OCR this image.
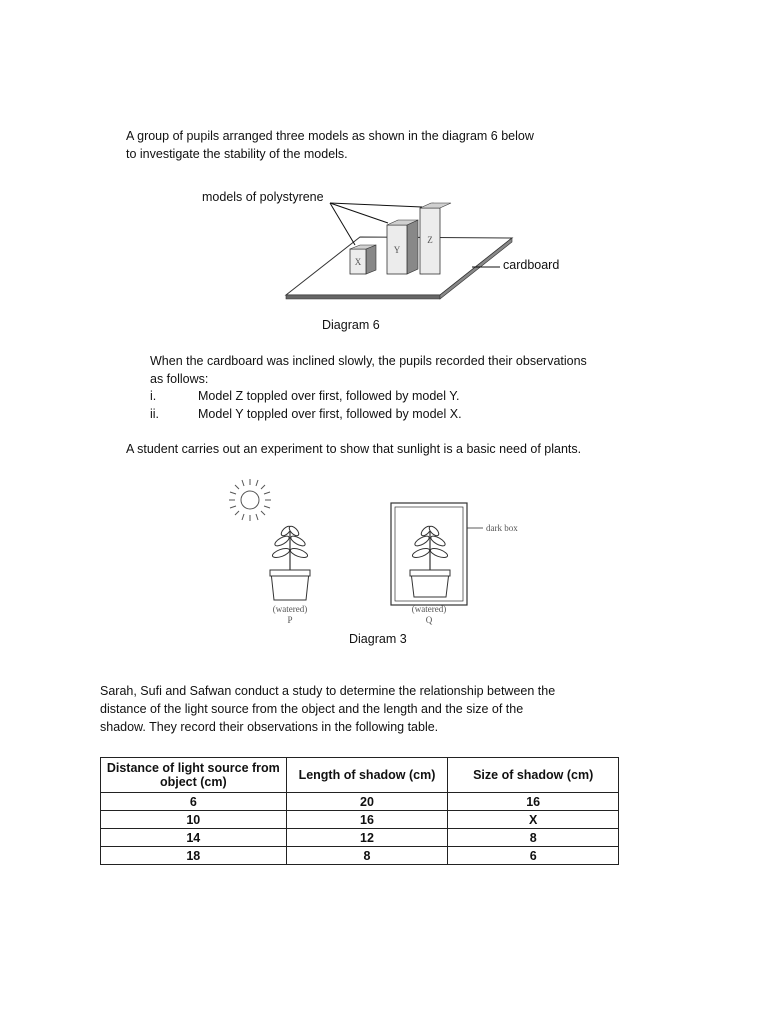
A group of pupils arranged three models as shown in the diagram 6 below

to investigate the stability of the models.

X
Y
Z
models of polystyrene
cardboard
Diagram 6

When the cardboard was inclined slowly, the pupils recorded their observations

as follows:

i.	Model Z toppled over first, followed by model Y.
ii.	Model Y toppled over first, followed by model X.

A student carries out an experiment to show that sunlight is a basic need of plants.

(watered)
P
dark box
(watered)
Q
Diagram 3

Sarah, Sufi and Safwan conduct a study to determine the relationship between the

distance of the light source from the object and the length and the size of the

shadow. They record their observations in the following table.

Distance of light source from object (cm)	Length of shadow (cm)	Size of shadow (cm)
6	20	16
10	16	X
14	12	8
18	8	6
